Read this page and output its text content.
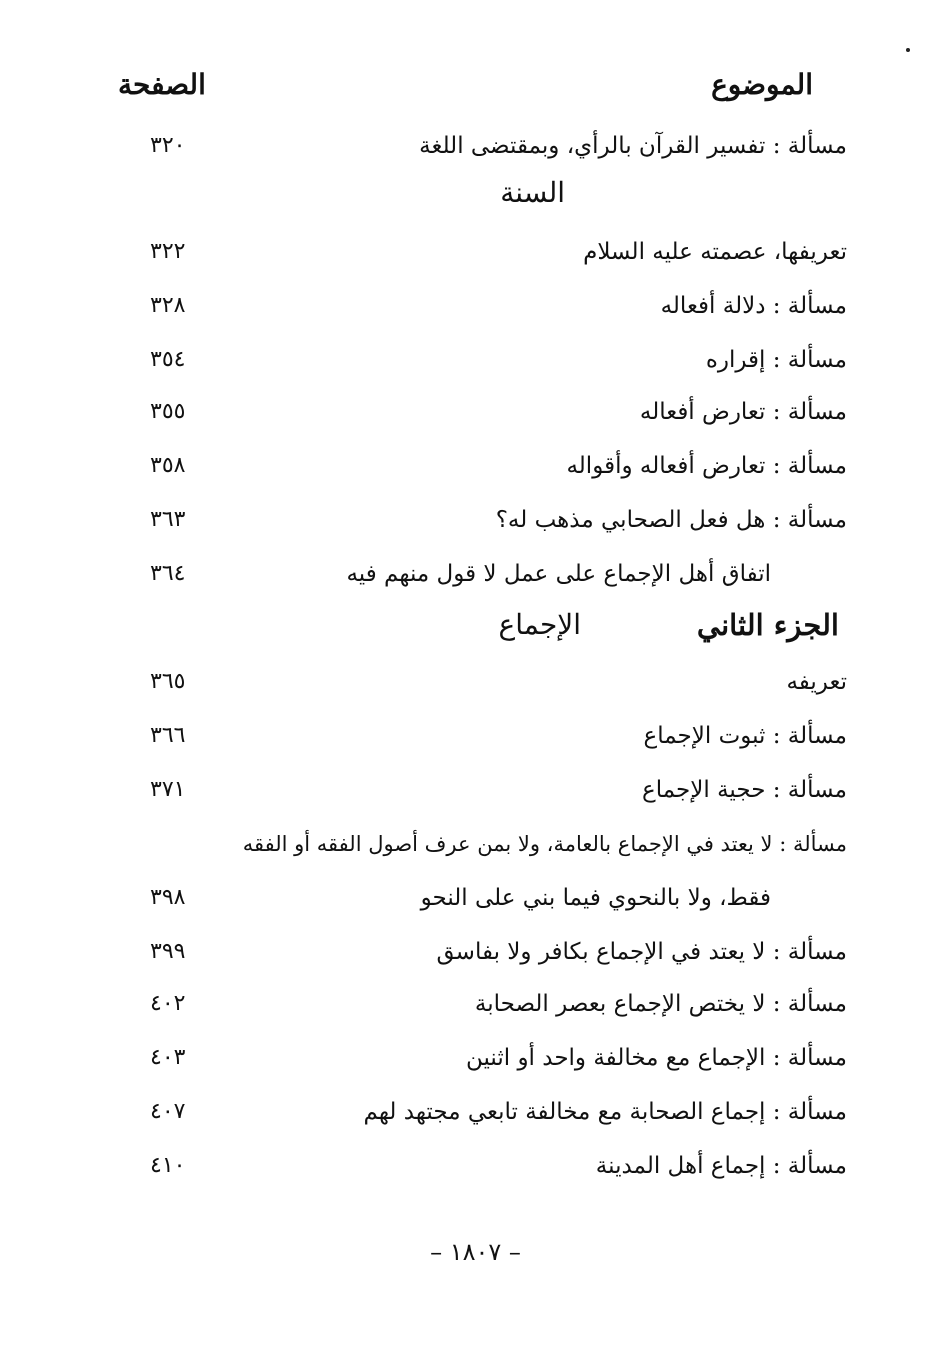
الموضوع
الصفحة
مسألة : تفسير القرآن بالرأي، وبمقتضى اللغة
٣٢٠
السنة
تعريفها، عصمته عليه السلام
٣٢٢
مسألة : دلالة أفعاله
٣٢٨
مسألة : إقراره
٣٥٤
مسألة : تعارض أفعاله
٣٥٥
مسألة : تعارض أفعاله وأقواله
٣٥٨
مسألة : هل فعل الصحابي مذهب له؟
٣٦٣
اتفاق أهل الإجماع على عمل لا قول منهم فيه
٣٦٤
الجزء الثاني
الإجماع
تعريفه
٣٦٥
مسألة : ثبوت الإجماع
٣٦٦
مسألة : حجية الإجماع
٣٧١
مسألة : لا يعتد في الإجماع بالعامة، ولا بمن عرف أصول الفقه أو الفقه
فقط، ولا بالنحوي فيما بني على النحو
٣٩٨
مسألة : لا يعتد في الإجماع بكافر ولا بفاسق
٣٩٩
مسألة : لا يختص الإجماع بعصر الصحابة
٤٠٢
مسألة : الإجماع مع مخالفة واحد أو اثنين
٤٠٣
مسألة : إجماع الصحابة مع مخالفة تابعي مجتهد لهم
٤٠٧
مسألة : إجماع أهل المدينة
٤١٠
– ١٨٠٧ –
